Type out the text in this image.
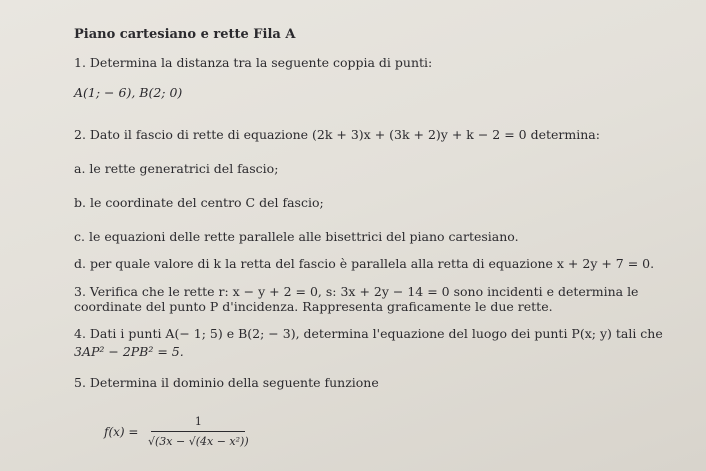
Piano cartesiano e rette Fila A
1. Determina la distanza tra la seguente coppia di punti:
A(1; − 6), B(2; 0)
2. Dato il fascio di rette di equazione (2k + 3)x + (3k + 2)y + k − 2 = 0 determina:
a. le rette generatrici del fascio;
b. le coordinate del centro C del fascio;
c. le equazioni delle rette parallele alle bisettrici del piano cartesiano.
d. per quale valore di k la retta del fascio è parallela alla retta di equazione x + 2y + 7 = 0.
3. Verifica che le rette r: x − y + 2 = 0, s: 3x + 2y − 14 = 0 sono incidenti e determina le
coordinate del punto P d'incidenza. Rappresenta graficamente le due rette.
4. Dati i punti A(− 1; 5) e B(2; − 3), determina l'equazione del luogo dei punti P(x; y) tali che
3AP² − 2PB² = 5.
5. Determina il dominio della seguente funzione
f(x) =
1
√(3x − √(4x − x²))
